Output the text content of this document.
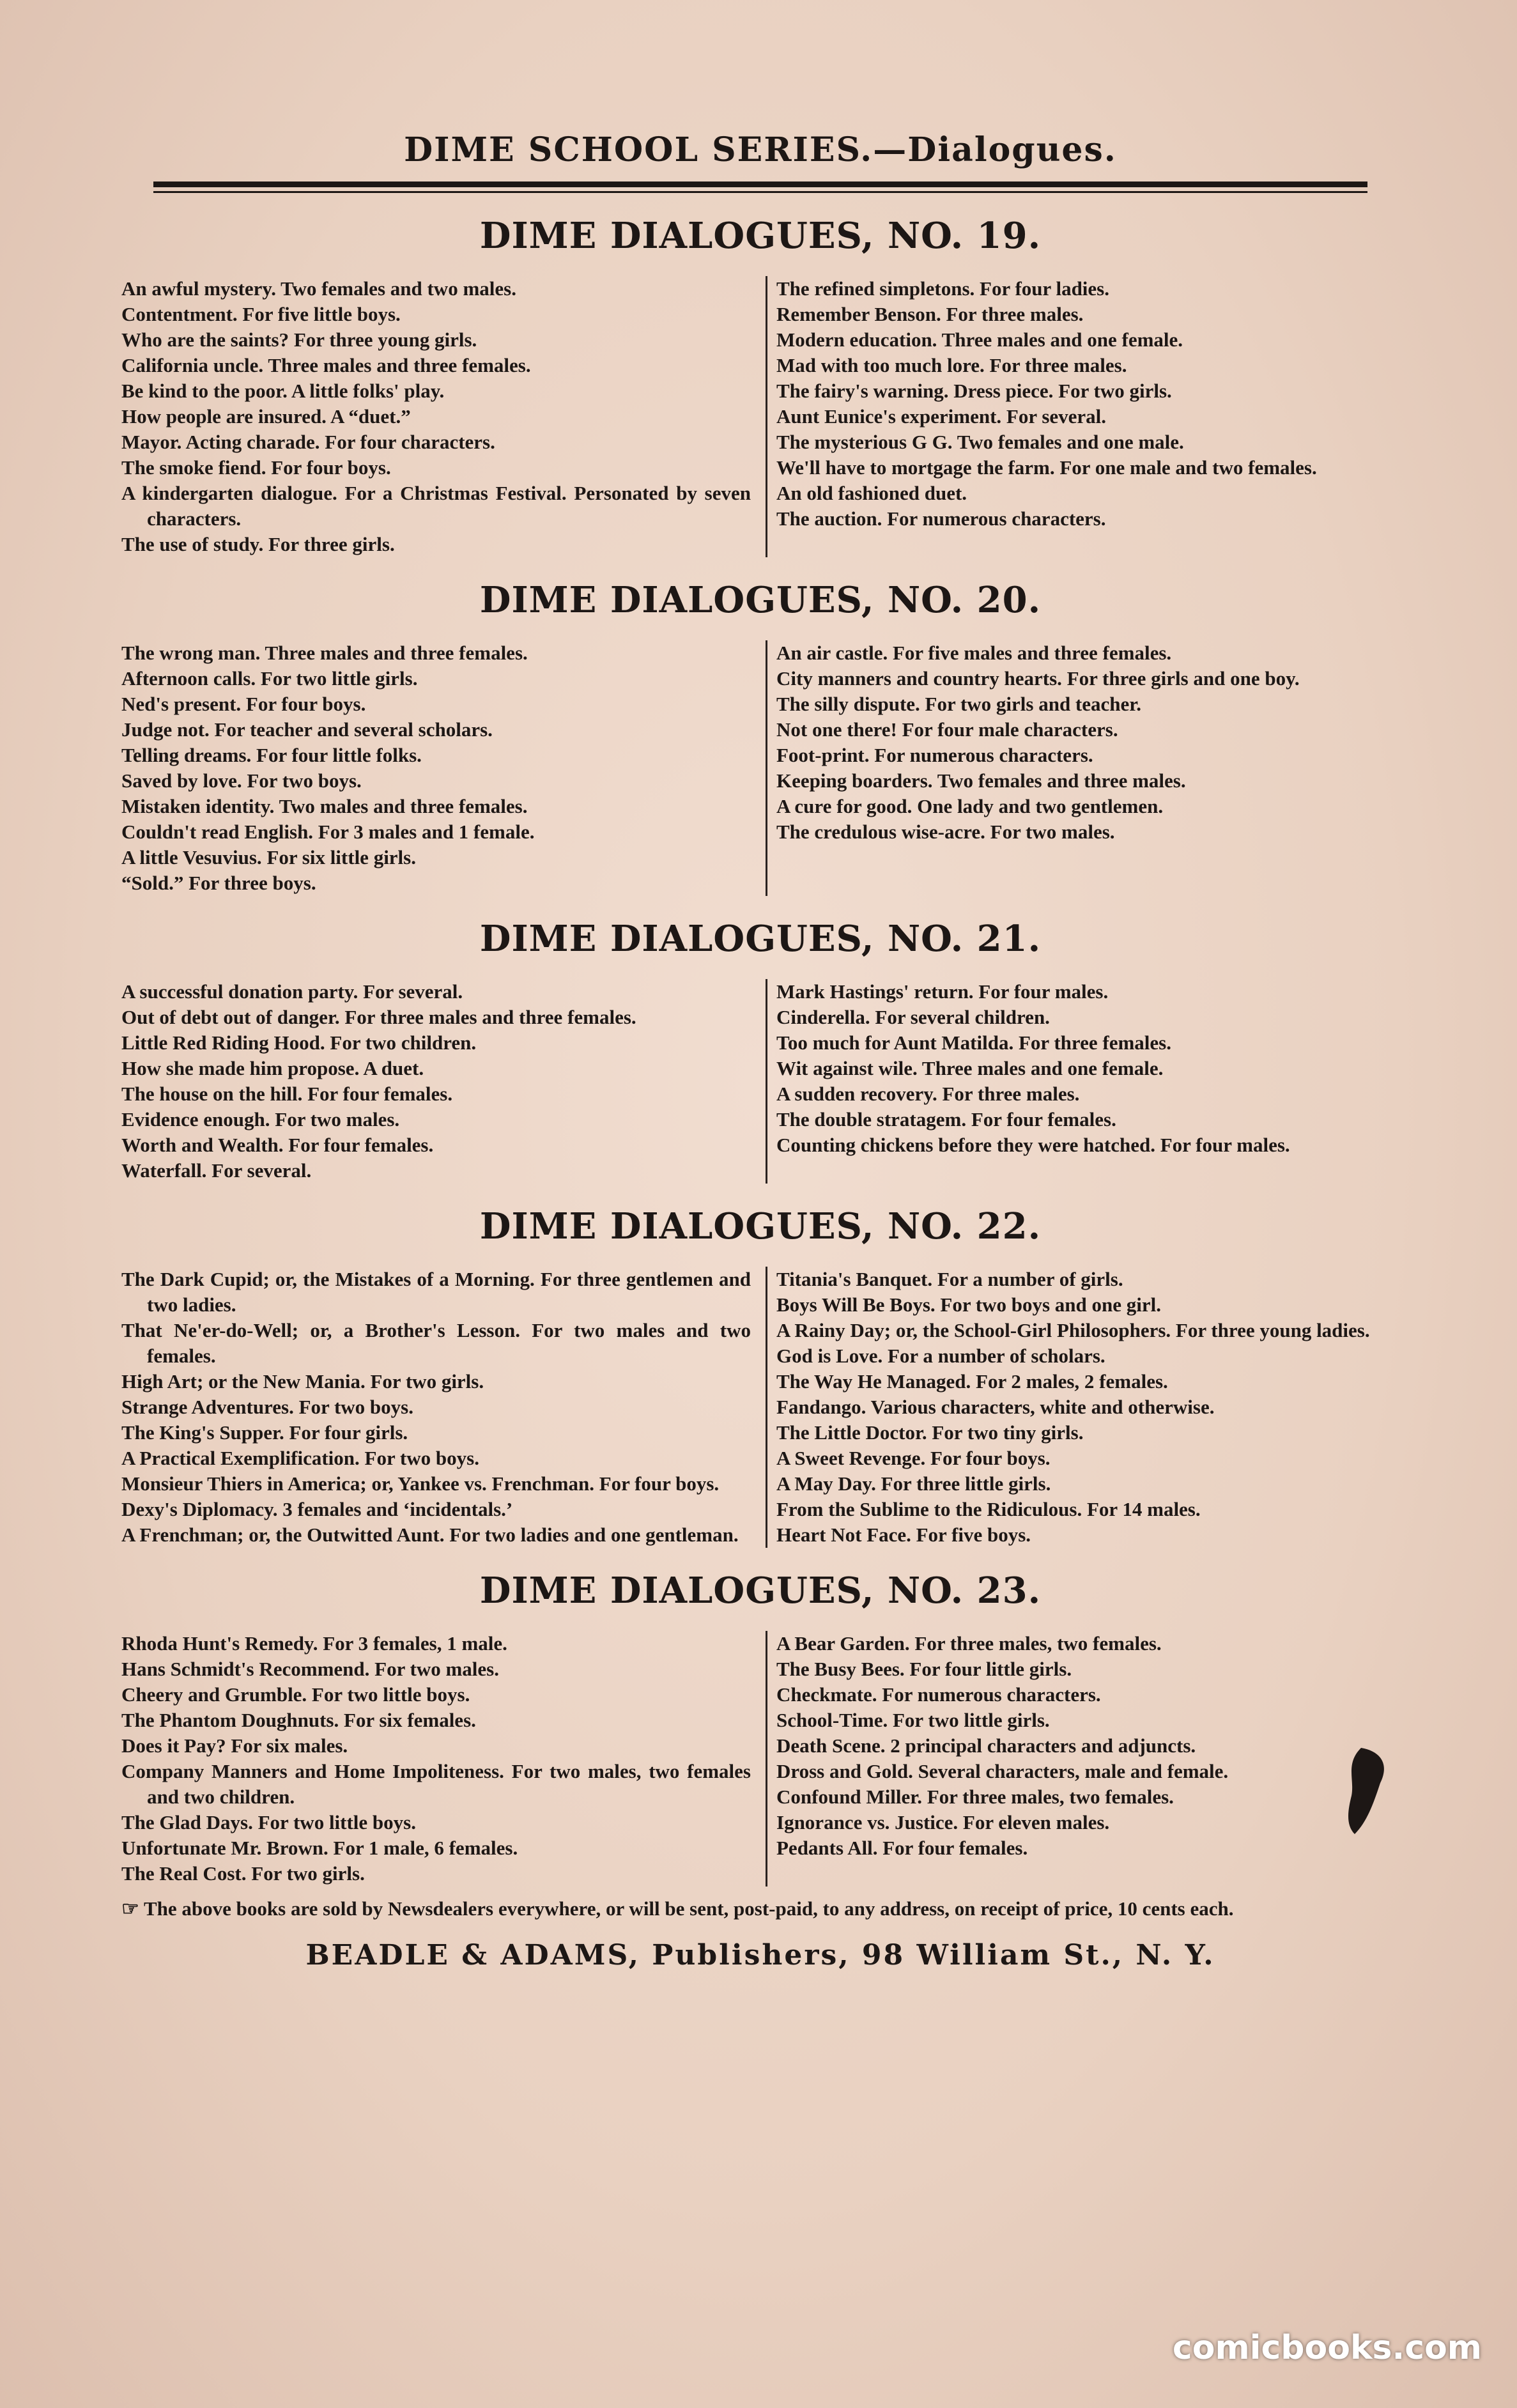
DIME SCHOOL SERIES.—Dialogues.
DIME DIALOGUES, NO. 19.
An awful mystery. Two females and two males.
Contentment. For five little boys.
Who are the saints? For three young girls.
California uncle. Three males and three females.
Be kind to the poor. A little folks' play.
How people are insured. A “duet.”
Mayor. Acting charade. For four characters.
The smoke fiend. For four boys.
A kindergarten dialogue. For a Christmas Festival. Personated by seven characters.
The use of study. For three girls.
The refined simpletons. For four ladies.
Remember Benson. For three males.
Modern education. Three males and one female.
Mad with too much lore. For three males.
The fairy's warning. Dress piece. For two girls.
Aunt Eunice's experiment. For several.
The mysterious G G. Two females and one male.
We'll have to mortgage the farm. For one male and two females.
An old fashioned duet.
The auction. For numerous characters.
DIME DIALOGUES, NO. 20.
The wrong man. Three males and three females.
Afternoon calls. For two little girls.
Ned's present. For four boys.
Judge not. For teacher and several scholars.
Telling dreams. For four little folks.
Saved by love. For two boys.
Mistaken identity. Two males and three females.
Couldn't read English. For 3 males and 1 female.
A little Vesuvius. For six little girls.
“Sold.” For three boys.
An air castle. For five males and three females.
City manners and country hearts. For three girls and one boy.
The silly dispute. For two girls and teacher.
Not one there! For four male characters.
Foot-print. For numerous characters.
Keeping boarders. Two females and three males.
A cure for good. One lady and two gentlemen.
The credulous wise-acre. For two males.
DIME DIALOGUES, NO. 21.
A successful donation party. For several.
Out of debt out of danger. For three males and three females.
Little Red Riding Hood. For two children.
How she made him propose. A duet.
The house on the hill. For four females.
Evidence enough. For two males.
Worth and Wealth. For four females.
Waterfall. For several.
Mark Hastings' return. For four males.
Cinderella. For several children.
Too much for Aunt Matilda. For three females.
Wit against wile. Three males and one female.
A sudden recovery. For three males.
The double stratagem. For four females.
Counting chickens before they were hatched. For four males.
DIME DIALOGUES, NO. 22.
The Dark Cupid; or, the Mistakes of a Morning. For three gentlemen and two ladies.
That Ne'er-do-Well; or, a Brother's Lesson. For two males and two females.
High Art; or the New Mania. For two girls.
Strange Adventures. For two boys.
The King's Supper. For four girls.
A Practical Exemplification. For two boys.
Monsieur Thiers in America; or, Yankee vs. Frenchman. For four boys.
Dexy's Diplomacy. 3 females and ‘incidentals.’
A Frenchman; or, the Outwitted Aunt. For two ladies and one gentleman.
Titania's Banquet. For a number of girls.
Boys Will Be Boys. For two boys and one girl.
A Rainy Day; or, the School-Girl Philosophers. For three young ladies.
God is Love. For a number of scholars.
The Way He Managed. For 2 males, 2 females.
Fandango. Various characters, white and otherwise.
The Little Doctor. For two tiny girls.
A Sweet Revenge. For four boys.
A May Day. For three little girls.
From the Sublime to the Ridiculous. For 14 males.
Heart Not Face. For five boys.
DIME DIALOGUES, NO. 23.
Rhoda Hunt's Remedy. For 3 females, 1 male.
Hans Schmidt's Recommend. For two males.
Cheery and Grumble. For two little boys.
The Phantom Doughnuts. For six females.
Does it Pay? For six males.
Company Manners and Home Impoliteness. For two males, two females and two children.
The Glad Days. For two little boys.
Unfortunate Mr. Brown. For 1 male, 6 females.
The Real Cost. For two girls.
A Bear Garden. For three males, two females.
The Busy Bees. For four little girls.
Checkmate. For numerous characters.
School-Time. For two little girls.
Death Scene. 2 principal characters and adjuncts.
Dross and Gold. Several characters, male and female.
Confound Miller. For three males, two females.
Ignorance vs. Justice. For eleven males.
Pedants All. For four females.
☞ The above books are sold by Newsdealers everywhere, or will be sent, post-paid, to any address, on receipt of price, 10 cents each.
BEADLE & ADAMS, Publishers, 98 William St., N. Y.
comicbooks.com
